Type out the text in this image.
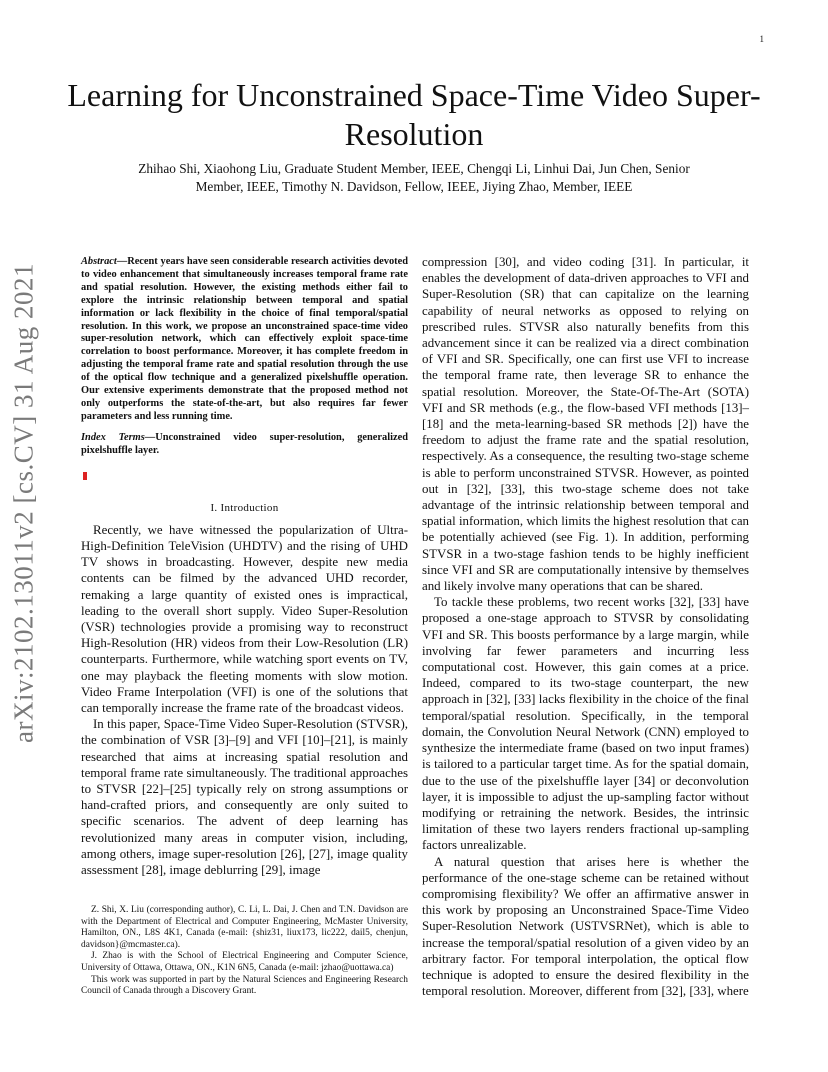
1
arXiv:2102.13011v2 [cs.CV] 31 Aug 2021
Learning for Unconstrained Space-Time Video Super-Resolution
Zhihao Shi, Xiaohong Liu, Graduate Student Member, IEEE, Chengqi Li, Linhui Dai, Jun Chen, Senior
Member, IEEE, Timothy N. Davidson, Fellow, IEEE, Jiying Zhao, Member, IEEE

Abstract—Recent years have seen considerable research activities devoted to video enhancement that simultaneously increases temporal frame rate and spatial resolution. However, the existing methods either fail to explore the intrinsic relationship between temporal and spatial information or lack flexibility in the choice of final temporal/spatial resolution. In this work, we propose an unconstrained space-time video super-resolution network, which can effectively exploit space-time correlation to boost performance. Moreover, it has complete freedom in adjusting the temporal frame rate and spatial resolution through the use of the optical flow technique and a generalized pixelshuffle operation. Our extensive experiments demonstrate that the proposed method not only outperforms the state-of-the-art, but also requires far fewer parameters and less running time.

Index Terms—Unconstrained video super-resolution, generalized pixelshuffle layer.

I. Introduction

Recently, we have witnessed the popularization of Ultra-High-Definition TeleVision (UHDTV) and the rising of UHD TV shows in broadcasting. However, despite new media contents can be filmed by the advanced UHD recorder, remaking a large quantity of existed ones is impractical, leading to the overall short supply. Video Super-Resolution (VSR) technologies provide a promising way to reconstruct High-Resolution (HR) videos from their Low-Resolution (LR) counterparts. Furthermore, while watching sport events on TV, one may playback the fleeting moments with slow motion. Video Frame Interpolation (VFI) is one of the solutions that can temporally increase the frame rate of the broadcast videos.

In this paper, Space-Time Video Super-Resolution (STVSR), the combination of VSR [3]–[9] and VFI [10]–[21], is mainly researched that aims at increasing spatial resolution and temporal frame rate simultaneously. The traditional approaches to STVSR [22]–[25] typically rely on strong assumptions or hand-crafted priors, and consequently are only suited to specific scenarios. The advent of deep learning has revolutionized many areas in computer vision, including, among others, image super-resolution [26], [27], image quality assessment [28], image deblurring [29], image

Z. Shi, X. Liu (corresponding author), C. Li, L. Dai, J. Chen and T.N. Davidson are with the Department of Electrical and Computer Engineering, McMaster University, Hamilton, ON., L8S 4K1, Canada (e-mail: {shiz31, liux173, lic222, dail5, chenjun, davidson}@mcmaster.ca).

J. Zhao is with the School of Electrical Engineering and Computer Science, University of Ottawa, Ottawa, ON., K1N 6N5, Canada (e-mail: jzhao@uottawa.ca)

This work was supported in part by the Natural Sciences and Engineering Research Council of Canada through a Discovery Grant.

compression [30], and video coding [31]. In particular, it enables the development of data-driven approaches to VFI and Super-Resolution (SR) that can capitalize on the learning capability of neural networks as opposed to relying on prescribed rules. STVSR also naturally benefits from this advancement since it can be realized via a direct combination of VFI and SR. Specifically, one can first use VFI to increase the temporal frame rate, then leverage SR to enhance the spatial resolution. Moreover, the State-Of-The-Art (SOTA) VFI and SR methods (e.g., the flow-based VFI methods [13]–[18] and the meta-learning-based SR methods [2]) have the freedom to adjust the frame rate and the spatial resolution, respectively. As a consequence, the resulting two-stage scheme is able to perform unconstrained STVSR. However, as pointed out in [32], [33], this two-stage scheme does not take advantage of the intrinsic relationship between temporal and spatial information, which limits the highest resolution that can be potentially achieved (see Fig. 1). In addition, performing STVSR in a two-stage fashion tends to be highly inefficient since VFI and SR are computationally intensive by themselves and likely involve many operations that can be shared.

To tackle these problems, two recent works [32], [33] have proposed a one-stage approach to STVSR by consolidating VFI and SR. This boosts performance by a large margin, while involving far fewer parameters and incurring less computational cost. However, this gain comes at a price. Indeed, compared to its two-stage counterpart, the new approach in [32], [33] lacks flexibility in the choice of the final temporal/spatial resolution. Specifically, in the temporal domain, the Convolution Neural Network (CNN) employed to synthesize the intermediate frame (based on two input frames) is tailored to a particular target time. As for the spatial domain, due to the use of the pixelshuffle layer [34] or deconvolution layer, it is impossible to adjust the up-sampling factor without modifying or retraining the network. Besides, the intrinsic limitation of these two layers renders fractional up-sampling factors unrealizable.

A natural question that arises here is whether the performance of the one-stage scheme can be retained without compromising flexibility? We offer an affirmative answer in this work by proposing an Unconstrained Space-Time Video Super-Resolution Network (USTVSRNet), which is able to increase the temporal/spatial resolution of a given video by an arbitrary factor. For temporal interpolation, the optical flow technique is adopted to ensure the desired flexibility in the temporal resolution. Moreover, different from [32], [33], where
